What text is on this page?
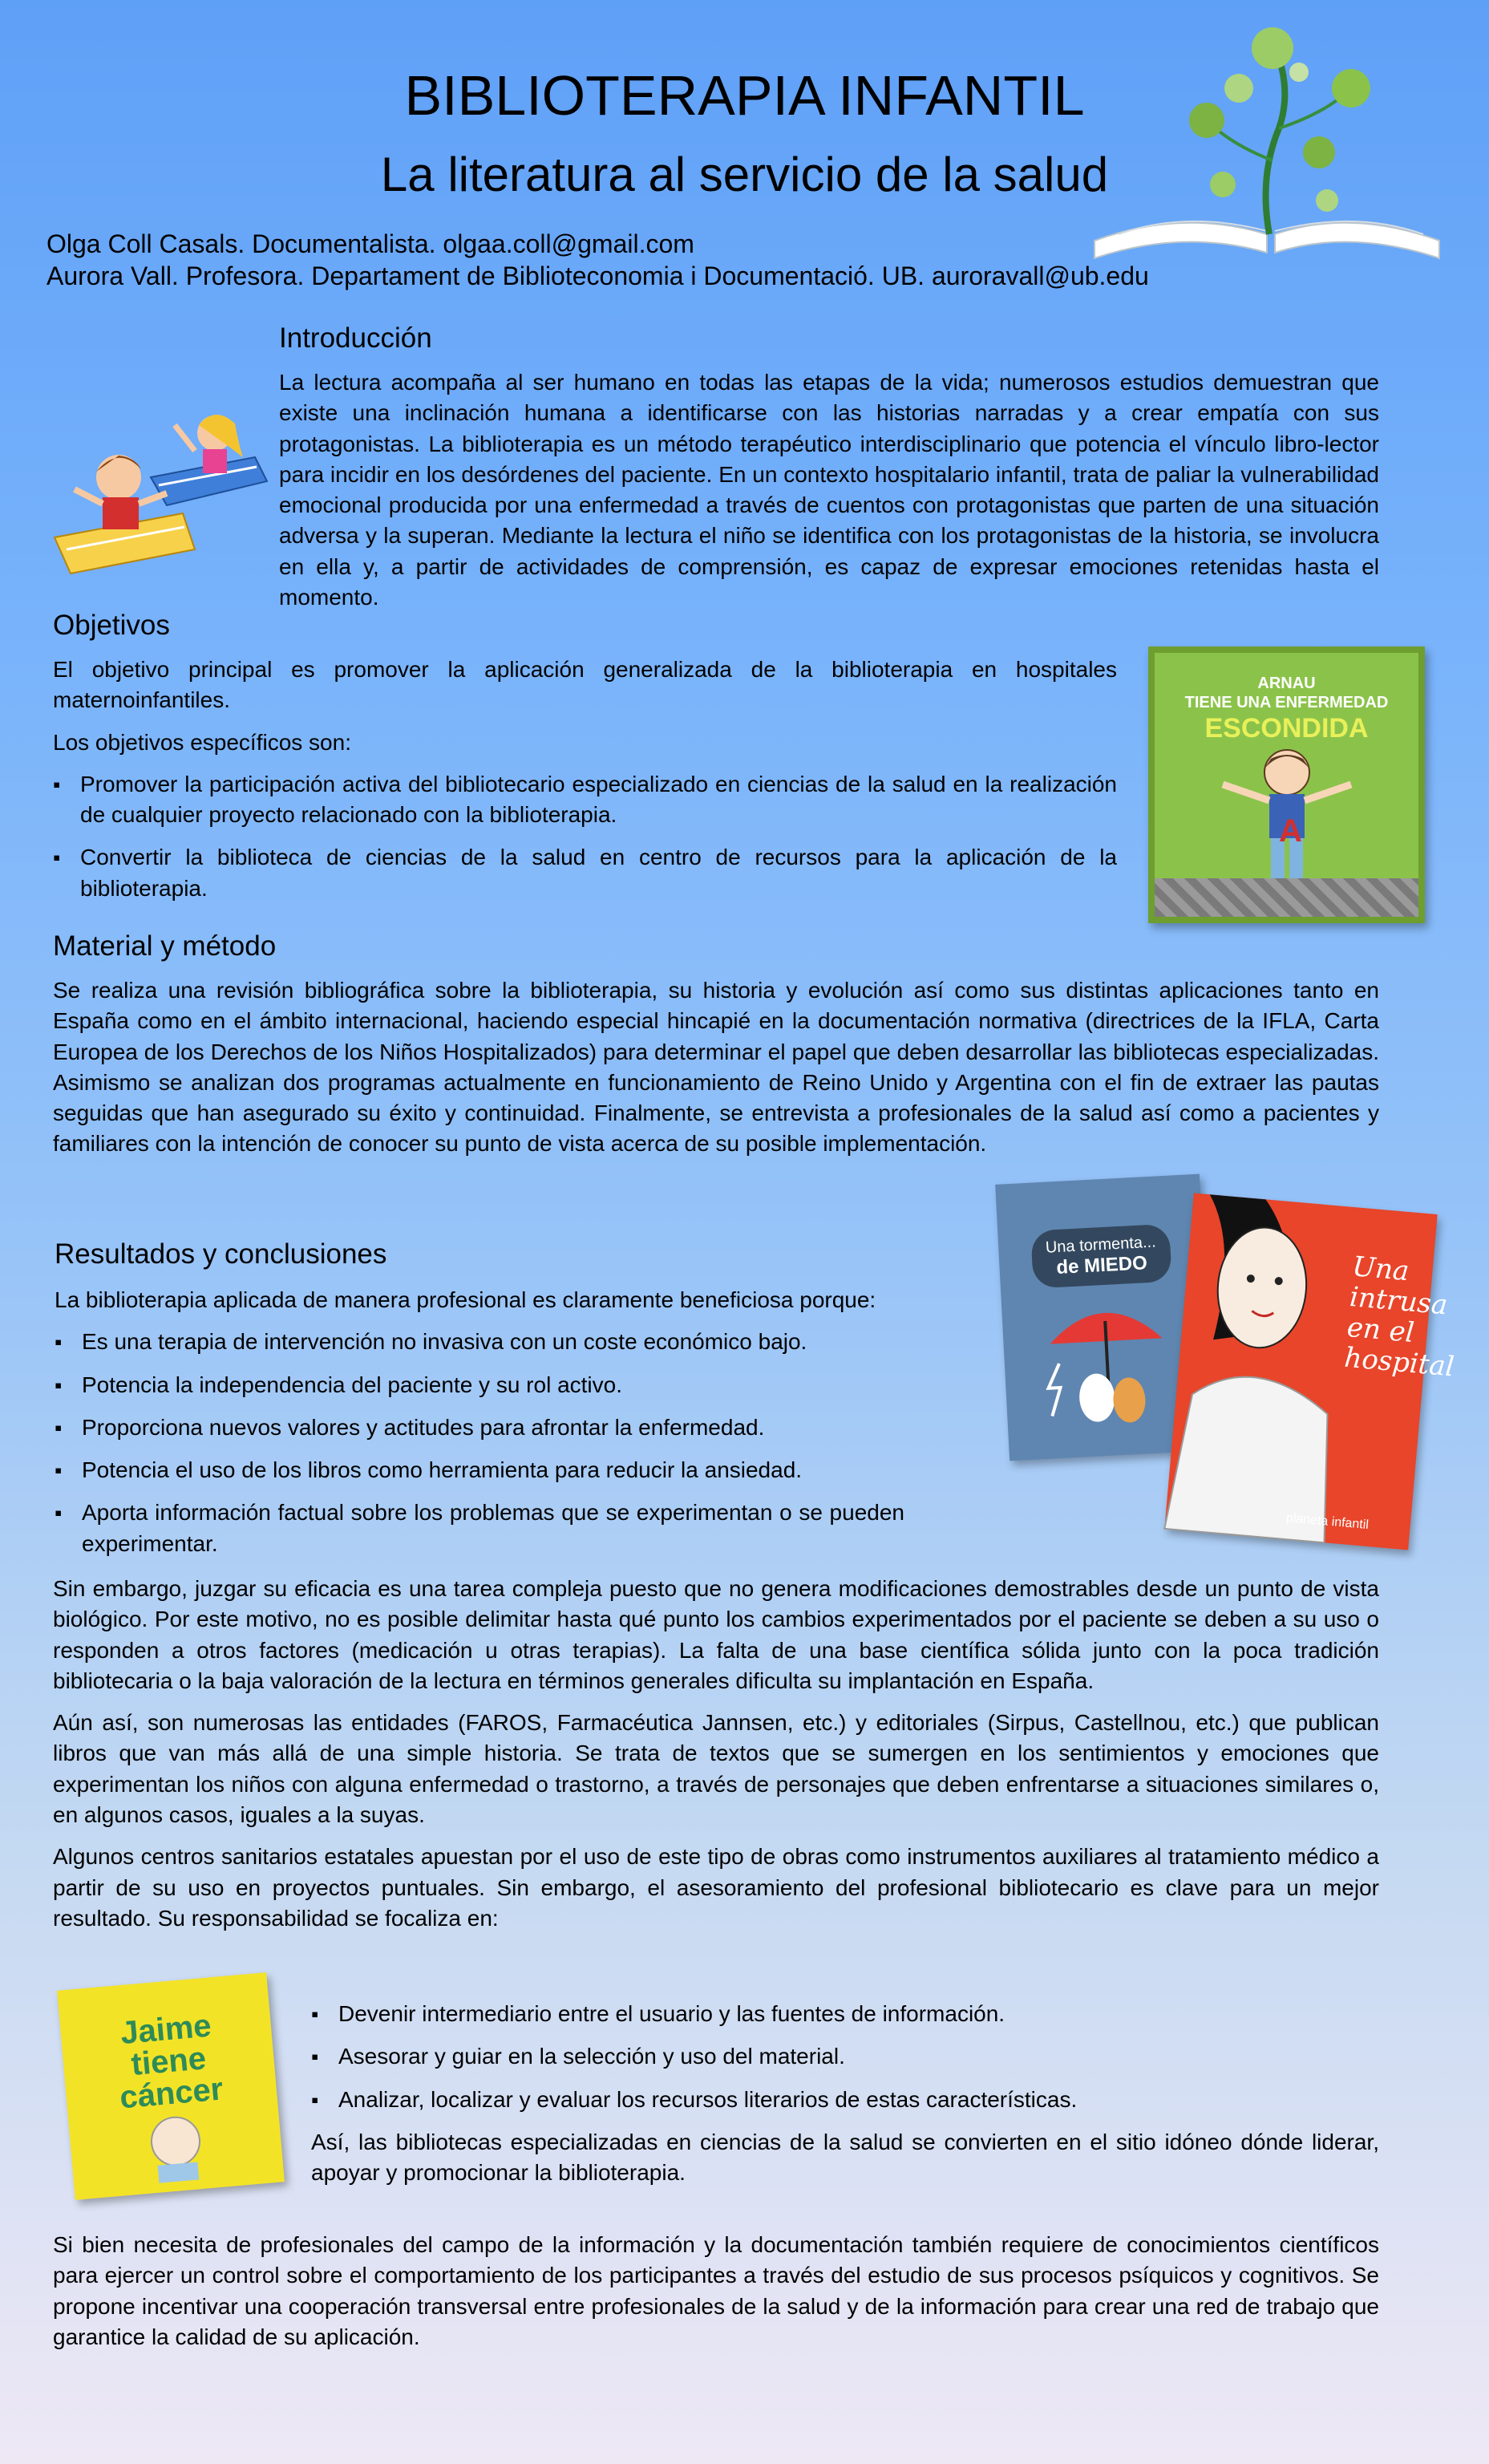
BIBLIOTERAPIA INFANTIL
La literatura al servicio de la salud
Olga Coll Casals. Documentalista. olgaa.coll@gmail.com
Aurora Vall. Profesora. Departament de Biblioteconomia i Documentació. UB. auroravall@ub.edu
Introducción
La lectura acompaña al ser humano en todas las etapas de la vida; numerosos estudios demuestran que existe una inclinación humana a identificarse con las historias narradas y a crear empatía con sus protagonistas. La biblioterapia es un método terapéutico interdisciplinario que potencia el vínculo libro-lector para incidir en los desórdenes del paciente. En un contexto hospitalario infantil, trata de paliar la vulnerabilidad emocional producida por una enfermedad a través de cuentos con protagonistas que parten de una situación adversa y la superan. Mediante la lectura el niño se identifica con los protagonistas de la historia, se involucra en ella y, a partir de actividades de comprensión, es capaz de expresar emociones retenidas hasta el momento.
Objetivos

El objetivo principal es promover la aplicación generalizada de la biblioterapia en hospitales maternoinfantiles.

Los objetivos específicos son:

▪ Promover la participación activa del bibliotecario especializado en ciencias de la salud en la realización de cualquier proyecto relacionado con la biblioterapia.
▪ Convertir la biblioteca de ciencias de la salud en centro de recursos para la aplicación de la biblioterapia.
ARNAU
TIENE UNA ENFERMEDAD
ESCONDIDA
A
Material y método
Se realiza una revisión bibliográfica sobre la biblioterapia, su historia y evolución así como sus distintas aplicaciones tanto en España como en el ámbito internacional, haciendo especial hincapié en la documentación normativa (directrices de la IFLA, Carta Europea de los Derechos de los Niños Hospitalizados) para determinar el papel que deben desarrollar las bibliotecas especializadas. Asimismo se analizan dos programas actualmente en funcionamiento de Reino Unido y Argentina con el fin de extraer las pautas seguidas que han asegurado su éxito y continuidad. Finalmente, se entrevista a profesionales de la salud así como a pacientes y familiares con la intención de conocer su punto de vista acerca de su posible implementación.
Resultados y conclusiones

La biblioterapia aplicada de manera profesional es claramente beneficiosa porque:

▪ Es una terapia de intervención no invasiva con un coste económico bajo.
▪ Potencia la independencia del paciente y su rol activo.
▪ Proporciona nuevos valores y actitudes para afrontar la enfermedad.
▪ Potencia el uso de los libros como herramienta para reducir la ansiedad.
▪ Aporta información factual sobre los problemas que se experimentan o se pueden experimentar.
Una tormenta...
de MIEDO	Una
intrusa
en el
hospital
planeta infantil

Sin embargo, juzgar su eficacia es una tarea compleja puesto que no genera modificaciones demostrables desde un punto de vista biológico. Por este motivo, no es posible delimitar hasta qué punto los cambios experimentados por el paciente se deben a su uso o responden a otros factores (medicación u otras terapias). La falta de una base científica sólida junto con la poca tradición bibliotecaria o la baja valoración de la lectura en términos generales dificulta su implantación en España.

Aún así, son numerosas las entidades (FAROS, Farmacéutica Jannsen, etc.) y editoriales (Sirpus, Castellnou, etc.) que publican libros que van más allá de una simple historia. Se trata de textos que se sumergen en los sentimientos y emociones que experimentan los niños con alguna enfermedad o trastorno, a través de personajes que deben enfrentarse a situaciones similares o, en algunos casos, iguales a la suyas.

Algunos centros sanitarios estatales apuestan por el uso de este tipo de obras como instrumentos auxiliares al tratamiento médico a partir de su uso en proyectos puntuales. Sin embargo, el asesoramiento del profesional bibliotecario es clave para un mejor resultado. Su responsabilidad se focaliza en:

Jaime
tiene
cáncer
▪ Devenir intermediario entre el usuario y las fuentes de información.
▪ Asesorar y guiar en la selección y uso del material.
▪ Analizar, localizar y evaluar los recursos literarios de estas características.

Así, las bibliotecas especializadas en ciencias de la salud se convierten en el sitio idóneo dónde liderar, apoyar y promocionar la biblioterapia.

Si bien necesita de profesionales del campo de la información y la documentación también requiere de conocimientos científicos para ejercer un control sobre el comportamiento de los participantes a través del estudio de sus procesos psíquicos y cognitivos. Se propone incentivar una cooperación transversal entre profesionales de la salud y de la información para crear una red de trabajo que garantice la calidad de su aplicación.
